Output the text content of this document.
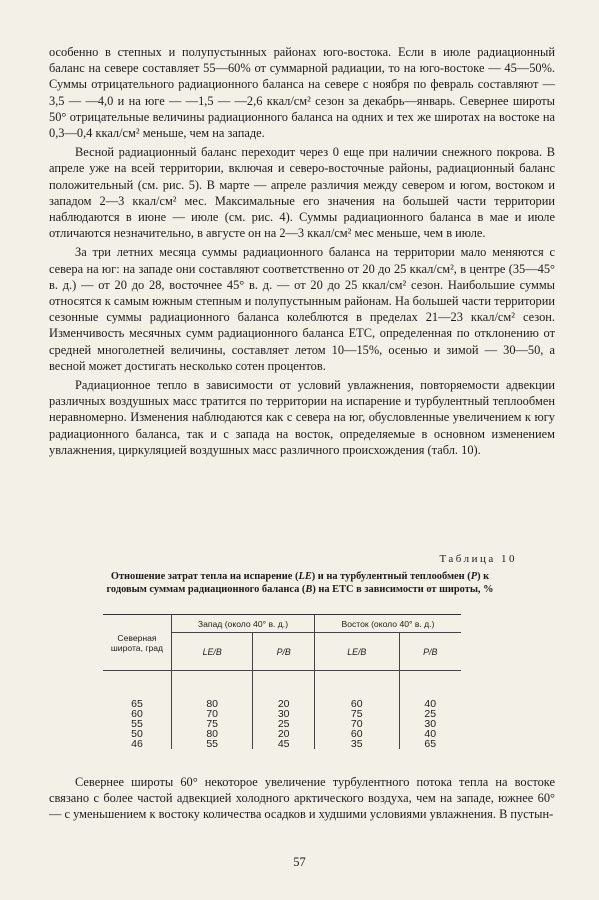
особенно в степных и полупустынных районах юго-востока. Если в июле радиационный баланс на севере составляет 55—60% от суммарной радиации, то на юго-востоке — 45—50%. Суммы отрицательного радиационного баланса на севере с ноября по февраль составляют —3,5 — —4,0 и на юге — —1,5 — —2,6 ккал/см² сезон за декабрь—январь. Севернее широты 50° отрицательные величины радиационного баланса на одних и тех же широтах на востоке на 0,3—0,4 ккал/см² меньше, чем на западе.

Весной радиационный баланс переходит через 0 еще при наличии снежного покрова. В апреле уже на всей территории, включая и северо-восточные районы, радиационный баланс положительный (см. рис. 5). В марте — апреле различия между севером и югом, востоком и западом 2—3 ккал/см² мес. Максимальные его значения на большей части территории наблюдаются в июне — июле (см. рис. 4). Суммы радиационного баланса в мае и июле отличаются незначительно, в августе он на 2—3 ккал/см² мес меньше, чем в июле.

За три летних месяца суммы радиационного баланса на территории мало меняются с севера на юг: на западе они составляют соответственно от 20 до 25 ккал/см², в центре (35—45° в. д.) — от 20 до 28, восточнее 45° в. д. — от 20 до 25 ккал/см² сезон. Наибольшие суммы относятся к самым южным степным и полупустынным районам. На большей части территории сезонные суммы радиационного баланса колеблются в пределах 21—23 ккал/см² сезон. Изменчивость месячных сумм радиационного баланса ЕТС, определенная по отклонению от средней многолетней величины, составляет летом 10—15%, осенью и зимой — 30—50, а весной может достигать несколько сотен процентов.

Радиационное тепло в зависимости от условий увлажнения, повторяемости адвекции различных воздушных масс тратится по территории на испарение и турбулентный теплообмен неравномерно. Изменения наблюдаются как с севера на юг, обусловленные увеличением к югу радиационного баланса, так и с запада на восток, определяемые в основном изменением увлажнения, циркуляцией воздушных масс различного происхождения (табл. 10).

Таблица 10
Отношение затрат тепла на испарение (LE) и на турбулентный теплообмен (P) к годовым суммам радиационного баланса (B) на ЕТС в зависимости от широты, %
Северная широта, град	Запад (около 40° в. д.)		Восток (около 40° в. д.)	
	LE/B	P/B	LE/B	P/B
65	80	20	60	40
60	70	30	75	25
55	75	25	70	30
50	80	20	60	40
46	55	45	35	65

Севернее широты 60° некоторое увеличение турбулентного потока тепла на востоке связано с более частой адвекцией холодного арктического воздуха, чем на западе, южнее 60° — с уменьшением к востоку количества осадков и худшими условиями увлажнения. В пустын-

57
